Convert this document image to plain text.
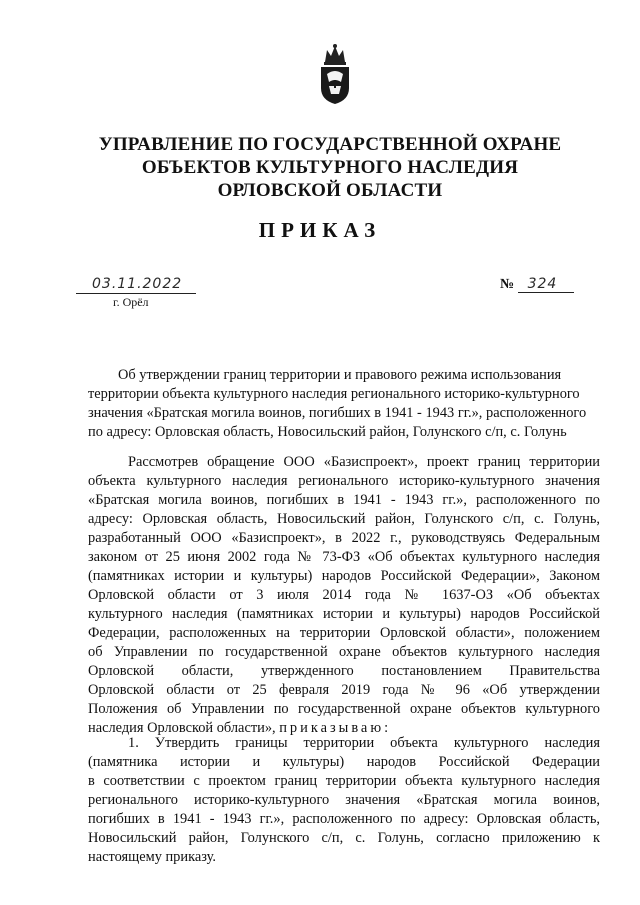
УПРАВЛЕНИЕ ПО ГОСУДАРСТВЕННОЙ ОХРАНЕ
ОБЪЕКТОВ КУЛЬТУРНОГО НАСЛЕДИЯ
ОРЛОВСКОЙ ОБЛАСТИ
ПРИКАЗ
03.11.2022
г. Орёл
№ 324
Об утверждении границ территории и правового режима использования
территории объекта культурного наследия регионального историко-культурного
значения «Братская могила воинов, погибших в 1941 - 1943 гг.», расположенного
по адресу: Орловская область, Новосильский район, Голунского с/п, с. Голунь
Рассмотрев обращение ООО «Базиспроект», проект границ территории
объекта культурного наследия регионального историко-культурного значения
«Братская могила воинов, погибших в 1941 - 1943 гг.», расположенного по
адресу: Орловская область, Новосильский район, Голунского с/п, с. Голунь,
разработанный ООО «Базиспроект», в 2022 г., руководствуясь Федеральным
законом от 25 июня 2002 года № 73-ФЗ «Об объектах культурного наследия
(памятниках истории и культуры) народов Российской Федерации», Законом
Орловской области от 3 июля 2014 года № 1637-ОЗ «Об объектах
культурного наследия (памятниках истории и культуры) народов Российской
Федерации, расположенных на территории Орловской области», положением
об Управлении по государственной охране объектов культурного наследия
Орловской области, утвержденного постановлением Правительства
Орловской области от 25 февраля 2019 года № 96 «Об утверждении
Положения об Управлении по государственной охране объектов культурного
наследия Орловской области», приказываю:
1. Утвердить границы территории объекта культурного наследия
(памятника истории и культуры) народов Российской Федерации
в соответствии с проектом границ территории объекта культурного наследия
регионального историко-культурного значения «Братская могила воинов,
погибших в 1941 - 1943 гг.», расположенного по адресу: Орловская область,
Новосильский район, Голунского с/п, с. Голунь, согласно приложению к
настоящему приказу.
